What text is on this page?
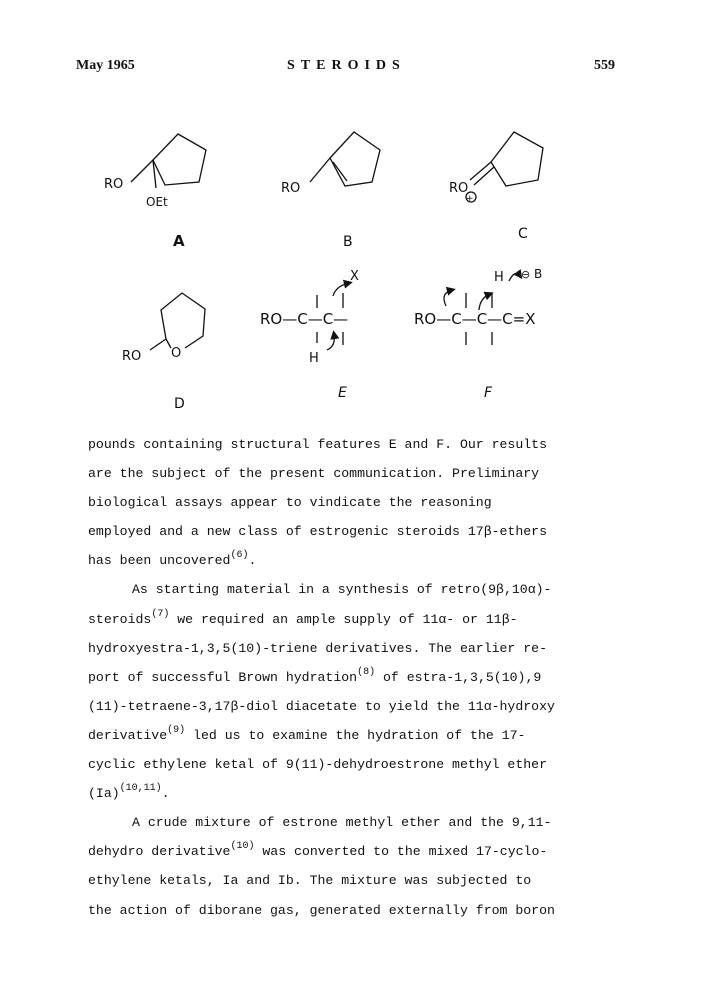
May 1965	STEROIDS	559
RO
OEt
A
RO
B
RO
+
C
RO O
D
RO—C—C—
X
H
E
RO—C—C—C=X
H ⊖ B
F
pounds containing structural features E and F. Our results
are the subject of the present communication. Preliminary
biological assays appear to vindicate the reasoning
employed and a new class of estrogenic steroids 17β-ethers
has been uncovered$^{(6)}$.
As starting material in a synthesis of retro(9β,10α)-
steroids$^{(7)}$ we required an ample supply of 11α- or 11β-
hydroxyestra-1,3,5(10)-triene derivatives. The earlier re-
port of successful Brown hydration$^{(8)}$ of estra-1,3,5(10),9
(11)-tetraene-3,17β-diol diacetate to yield the 11α-hydroxy
derivative$^{(9)}$ led us to examine the hydration of the 17-
cyclic ethylene ketal of 9(11)-dehydroestrone methyl ether
$(Ia)^{(10,11)}$.
A crude mixture of estrone methyl ether and the 9,11-
dehydro derivative$^{(10)}$ was converted to the mixed 17-cyclo-
ethylene ketals, Ia and Ib. The mixture was subjected to
the action of diborane gas, generated externally from boron
